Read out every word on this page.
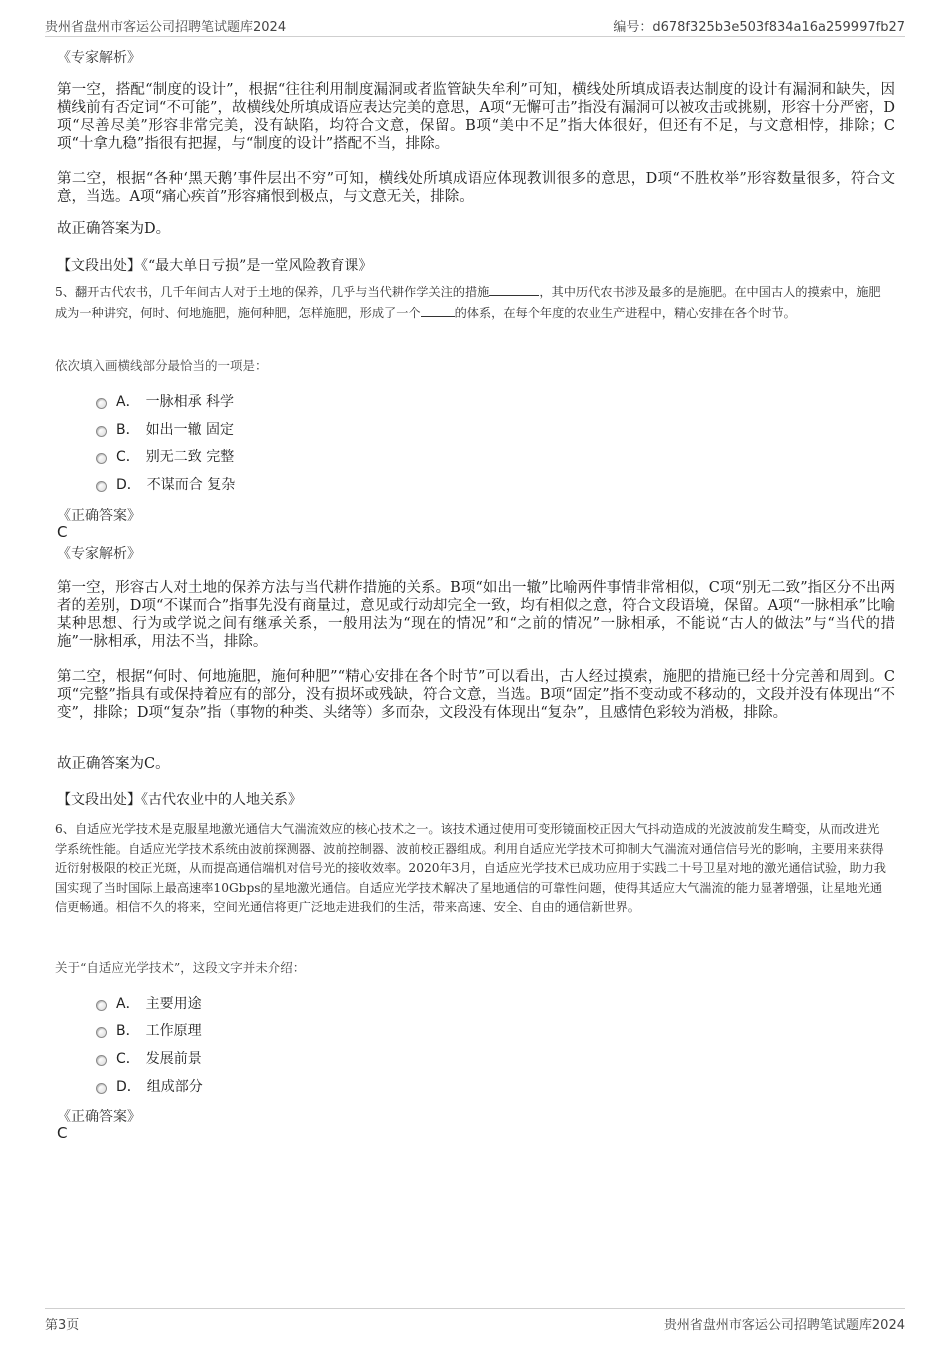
贵州省盘州市客运公司招聘笔试题库2024	编号：d678f325b3e503f834a16a259997fb27
《专家解析》
第一空，搭配“制度的设计”，根据“往往利用制度漏洞或者监管缺失牟利”可知，横线处所填成语表达制度的设计有漏洞和缺失，因横线前有否定词“不可能”，故横线处所填成语应表达完美的意思，A项“无懈可击”指没有漏洞可以被攻击或挑剔，形容十分严密，D项“尽善尽美”形容非常完美，没有缺陷，均符合文意，保留。B项“美中不足”指大体很好，但还有不足，与文意相悖，排除；C项“十拿九稳”指很有把握，与“制度的设计”搭配不当，排除。
第二空，根据“各种‘黑天鹅’事件层出不穷”可知，横线处所填成语应体现教训很多的意思，D项“不胜枚举”形容数量很多，符合文意，当选。A项“痛心疾首”形容痛恨到极点，与文意无关，排除。
故正确答案为D。
【文段出处】《“最大单日亏损”是一堂风险教育课》
5、翻开古代农书，几千年间古人对于土地的保养，几乎与当代耕作学关注的措施	，其中历代农书涉及最多的是施肥。在中国古人的摸索中，施肥成为一种讲究，何时、何地施肥，施何种肥，怎样施肥，形成了一个	的体系，在每个年度的农业生产进程中，精心安排在各个时节。
依次填入画横线部分最恰当的一项是：
A． 一脉相承 科学
B． 如出一辙 固定
C． 别无二致 完整
D． 不谋而合 复杂
《正确答案》
C
《专家解析》
第一空，形容古人对土地的保养方法与当代耕作措施的关系。B项“如出一辙”比喻两件事情非常相似，C项“别无二致”指区分不出两者的差别，D项“不谋而合”指事先没有商量过，意见或行动却完全一致，均有相似之意，符合文段语境，保留。A项“一脉相承”比喻某种思想、行为或学说之间有继承关系，一般用法为“现在的情况”和“之前的情况”一脉相承，不能说“古人的做法”与“当代的措施”一脉相承，用法不当，排除。
第二空，根据“何时、何地施肥，施何种肥”“精心安排在各个时节”可以看出，古人经过摸索，施肥的措施已经十分完善和周到。C项“完整”指具有或保持着应有的部分，没有损坏或残缺，符合文意，当选。B项“固定”指不变动或不移动的，文段并没有体现出“不变”，排除；D项“复杂”指（事物的种类、头绪等）多而杂，文段没有体现出“复杂”，且感情色彩较为消极，排除。
故正确答案为C。
【文段出处】《古代农业中的人地关系》
6、自适应光学技术是克服星地激光通信大气湍流效应的核心技术之一。该技术通过使用可变形镜面校正因大气抖动造成的光波波前发生畸变，从而改进光学系统性能。自适应光学技术系统由波前探测器、波前控制器、波前校正器组成。利用自适应光学技术可抑制大气湍流对通信信号光的影响，主要用来获得近衍射极限的校正光斑，从而提高通信端机对信号光的接收效率。2020年3月，自适应光学技术已成功应用于实践二十号卫星对地的激光通信试验，助力我国实现了当时国际上最高速率10Gbps的星地激光通信。自适应光学技术解决了星地通信的可靠性问题，使得其适应大气湍流的能力显著增强，让星地光通信更畅通。相信不久的将来，空间光通信将更广泛地走进我们的生活，带来高速、安全、自由的通信新世界。
关于“自适应光学技术”，这段文字并未介绍：
A． 主要用途
B． 工作原理
C． 发展前景
D． 组成部分
《正确答案》
C
第3页	贵州省盘州市客运公司招聘笔试题库2024
